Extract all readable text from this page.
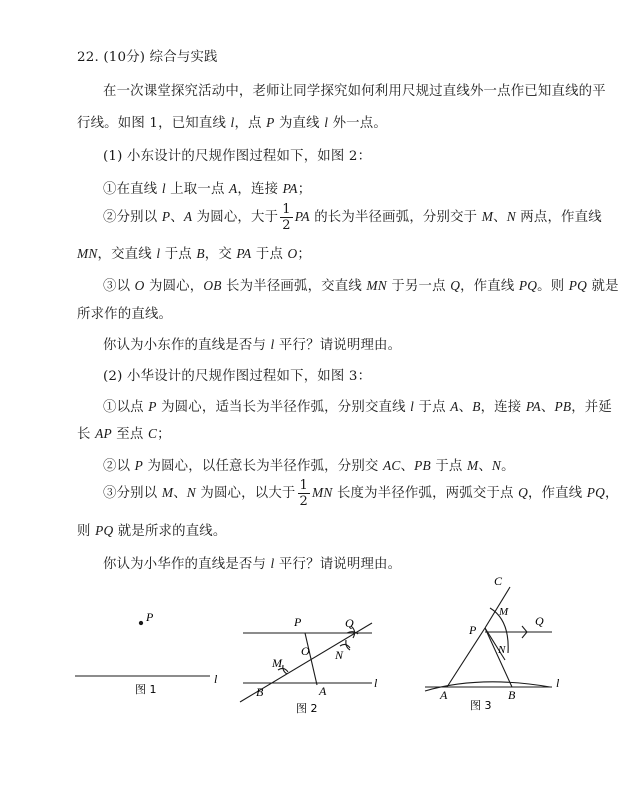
22. (10分) 综合与实践
在一次课堂探究活动中，老师让同学探究如何利用尺规过直线外一点作已知直线的平
行线。如图 1，已知直线 l，点 P 为直线 l 外一点。
(1) 小东设计的尺规作图过程如下，如图 2：
①在直线 l 上取一点 A，连接 PA；
②分别以 P、A 为圆心，大于 $\frac{1}{2}$ PA 的长为半径画弧，分别交于 M、N 两点，作直线
MN，交直线 l 于点 B，交 PA 于点 O；
③以 O 为圆心，OB 长为半径画弧，交直线 MN 于另一点 Q，作直线 PQ。则 PQ 就是
所求作的直线。
你认为小东作的直线是否与 l 平行？请说明理由。
(2) 小华设计的尺规作图过程如下，如图 3：
①以点 P 为圆心，适当长为半径作弧，分别交直线 l 于点 A、B，连接 PA、PB，并延
长 AP 至点 C；
②以 P 为圆心，以任意长为半径作弧，分别交 AC、PB 于点 M、N。
③分别以 M、N 为圆心，以大于 $\frac{1}{2}$ MN 长度为半径作弧，两弧交于点 Q，作直线 PQ，
则 PQ 就是所求的直线。
你认为小华作的直线是否与 l 平行？请说明理由。
P
l
图 1
P	Q
O
M
N
B	A
l
图 2
C
M
P
Q
N
A	B
l
图 3
